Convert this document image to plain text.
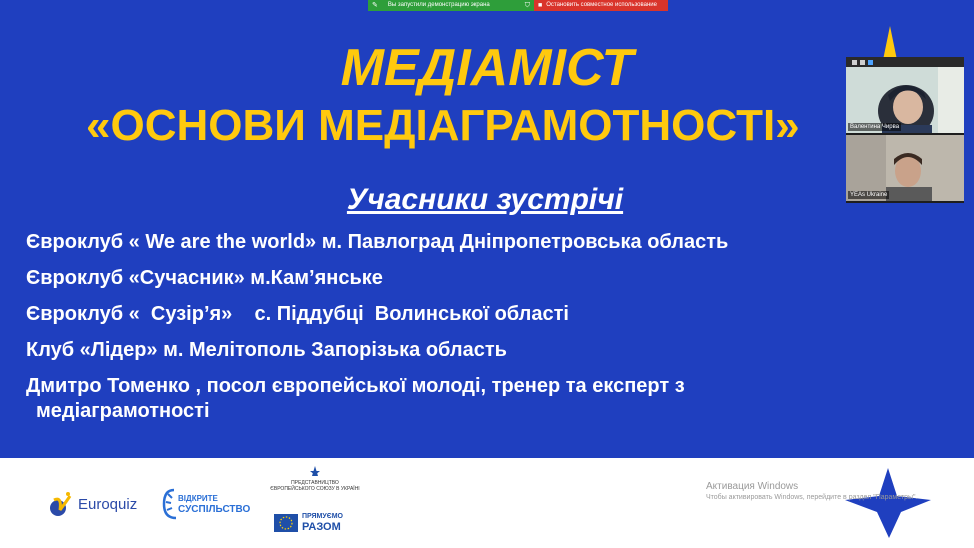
✎ Вы запустили демонстрацию экрана	⛉ ■ Остановить совместное использование
МЕДІАМІСТ
«ОСНОВИ МЕДІАГРАМОТНОСТІ»
Учасники зустрічі
Євроклуб « We are the world» м. Павлоград Дніпропетровська область
Євроклуб «Сучасник» м.Кам’янське
Євроклуб «  Сузір’я»    с. Піддубці  Волинської області
Клуб «Лідер» м. Мелітополь Запорізька область
Дмитро Томенко , посол європейської молоді, тренер та експерт з медіаграмотності
Валентина Чирва
YEAs Ukraine
Euroquiz	ВІДКРИТЕ
СУСПІЛЬСТВО
ПРЕДСТАВНИЦТВО ЄВРОПЕЙСЬКОГО СОЮЗУ В УКРАЇНІ
ПРЯМУЄМО
РАЗОМ
Активация Windows
Чтобы активировать Windows, перейдите в раздел "Параметры".
